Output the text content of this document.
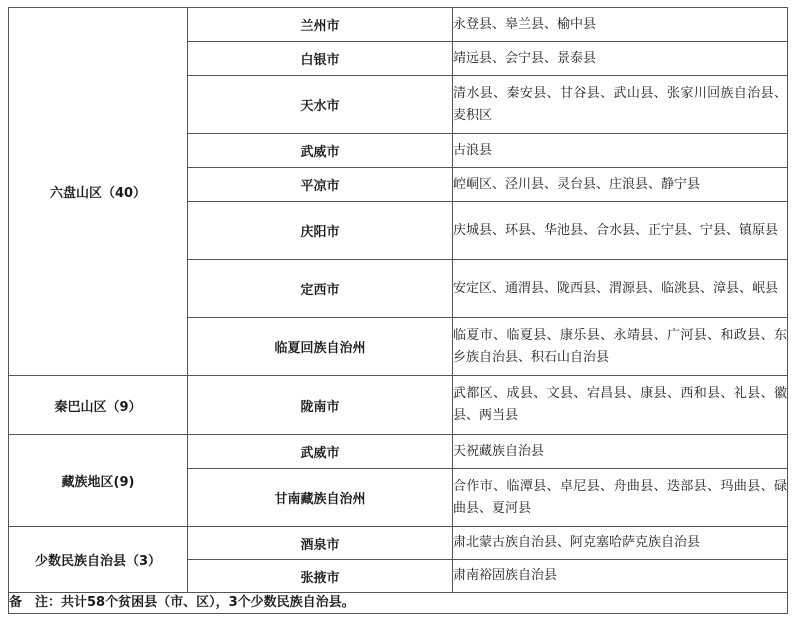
六盘山区（40）	兰州市	永登县、皋兰县、榆中县
	白银市	靖远县、会宁县、景泰县
	天水市	清水县、秦安县、甘谷县、武山县、张家川回族自治县、麦积区
	武威市	古浪县
	平凉市	崆峒区、泾川县、灵台县、庄浪县、静宁县
	庆阳市	庆城县、环县、华池县、合水县、正宁县、宁县、镇原县
	定西市	安定区、通渭县、陇西县、渭源县、临洮县、漳县、岷县
	临夏回族自治州	临夏市、临夏县、康乐县、永靖县、广河县、和政县、东乡族自治县、积石山自治县
秦巴山区（9）	陇南市	武都区、成县、文县、宕昌县、康县、西和县、礼县、徽县、两当县
藏族地区(9)	武威市	天祝藏族自治县
	甘南藏族自治州	合作市、临潭县、卓尼县、舟曲县、迭部县、玛曲县、碌曲县、夏河县
少数民族自治县（3）	酒泉市	肃北蒙古族自治县、阿克塞哈萨克族自治县
	张掖市	肃南裕固族自治县
备　注：共计58个贫困县（市、区），3个少数民族自治县。		
